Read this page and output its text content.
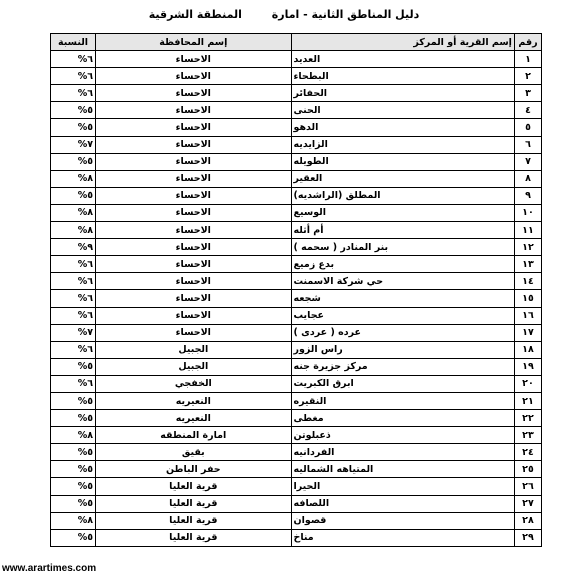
دليل المناطق الثانية - امارة المنطقة الشرقية
رقم	إسم القرية أو المركز	إسم المحافظة	النسبة
١	العديد	الاحساء	٦%
٢	البطحاء	الاحساء	٦%
٣	الحفائر	الاحساء	٦%
٤	الحنى	الاحساء	٥%
٥	الدهو	الاحساء	٥%
٦	الزايديه	الاحساء	٧%
٧	الطويله	الاحساء	٥%
٨	العقير	الاحساء	٨%
٩	المطلق (الراشديه)	الاحساء	٥%
١٠	الوسيع	الاحساء	٨%
١١	أم أثله	الاحساء	٨%
١٢	بنر المنادر ( سحمه )	الاحساء	٩%
١٣	بدع زميع	الاحساء	٦%
١٤	حي شركة الاسمنت	الاحساء	٦%
١٥	شجعه	الاحساء	٦%
١٦	عجايب	الاحساء	٦%
١٧	عرده ( عردى )	الاحساء	٧%
١٨	راس الزور	الجبيل	٦%
١٩	مركز جزيرة جنه	الجبيل	٥%
٢٠	ابرق الكبريت	الخفجي	٦%
٢١	النقيره	النعيريه	٥%
٢٢	مغطى	النعيريه	٥%
٢٣	ذعبلوتن	امارة المنطقه	٨%
٢٤	الفردانيه	بقيق	٥%
٢٥	المتياهه الشماليه	حفر الباطن	٥%
٢٦	الحيرا	قرية العليا	٥%
٢٧	اللصافه	قرية العليا	٥%
٢٨	قصوان	قرية العليا	٨%
٢٩	مناخ	قرية العليا	٥%
www.arartimes.com
